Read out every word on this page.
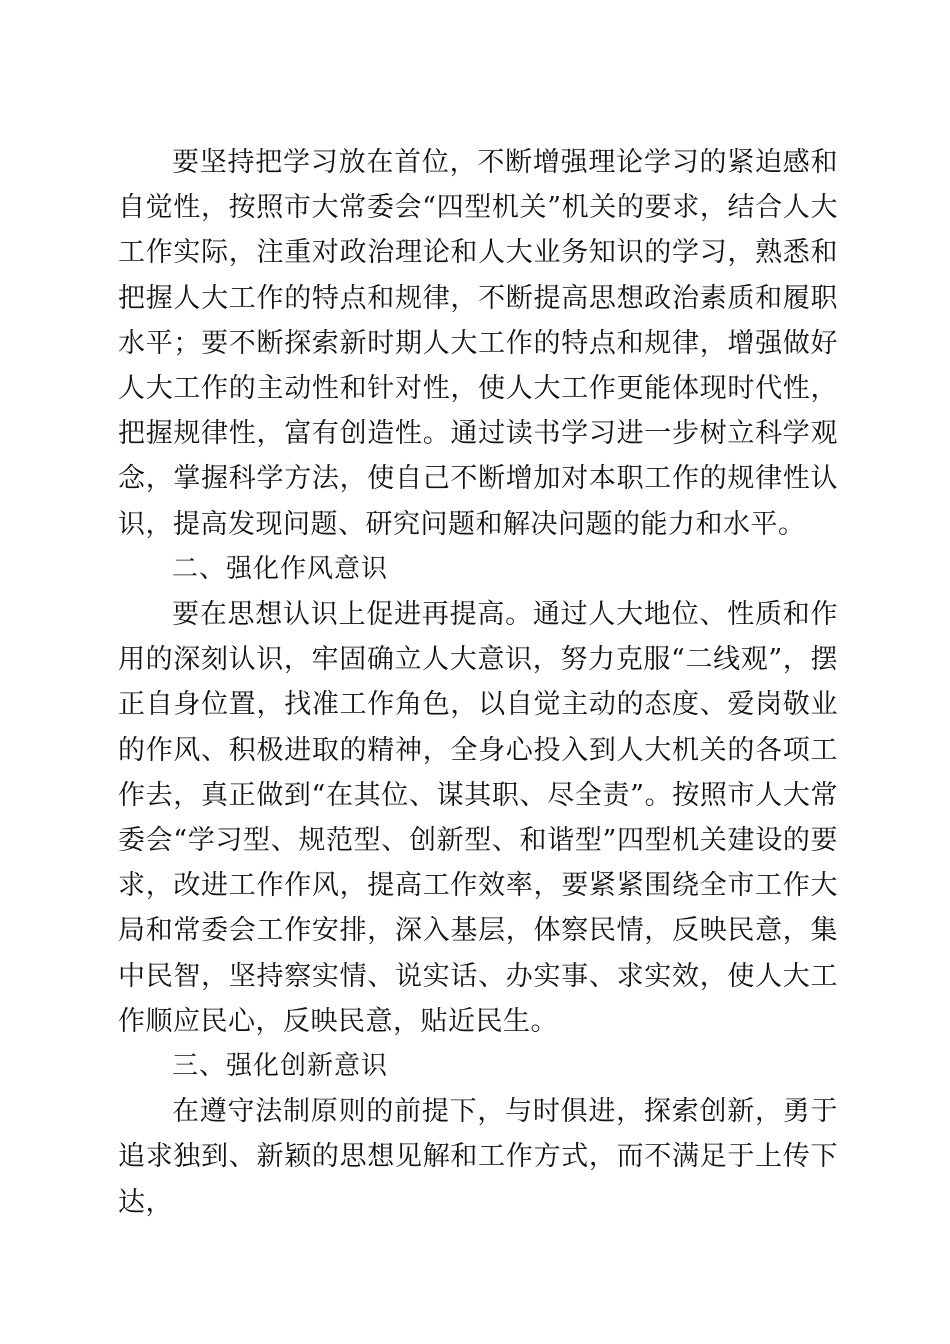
要坚持把学习放在首位，不断增强理论学习的紧迫感和自觉性，按照市大常委会“四型机关”机关的要求，结合人大工作实际，注重对政治理论和人大业务知识的学习，熟悉和把握人大工作的特点和规律，不断提高思想政治素质和履职水平；要不断探索新时期人大工作的特点和规律，增强做好人大工作的主动性和针对性，使人大工作更能体现时代性，把握规律性，富有创造性。通过读书学习进一步树立科学观念，掌握科学方法，使自己不断增加对本职工作的规律性认识，提高发现问题、研究问题和解决问题的能力和水平。

二、强化作风意识

要在思想认识上促进再提高。通过人大地位、性质和作用的深刻认识，牢固确立人大意识，努力克服“二线观”，摆正自身位置，找准工作角色，以自觉主动的态度、爱岗敬业的作风、积极进取的精神，全身心投入到人大机关的各项工作去，真正做到“在其位、谋其职、尽全责”。按照市人大常委会“学习型、规范型、创新型、和谐型”四型机关建设的要求，改进工作作风，提高工作效率，要紧紧围绕全市工作大局和常委会工作安排，深入基层，体察民情，反映民意，集中民智，坚持察实情、说实话、办实事、求实效，使人大工作顺应民心，反映民意，贴近民生。

三、强化创新意识

在遵守法制原则的前提下，与时俱进，探索创新，勇于追求独到、新颖的思想见解和工作方式，而不满足于上传下达，
